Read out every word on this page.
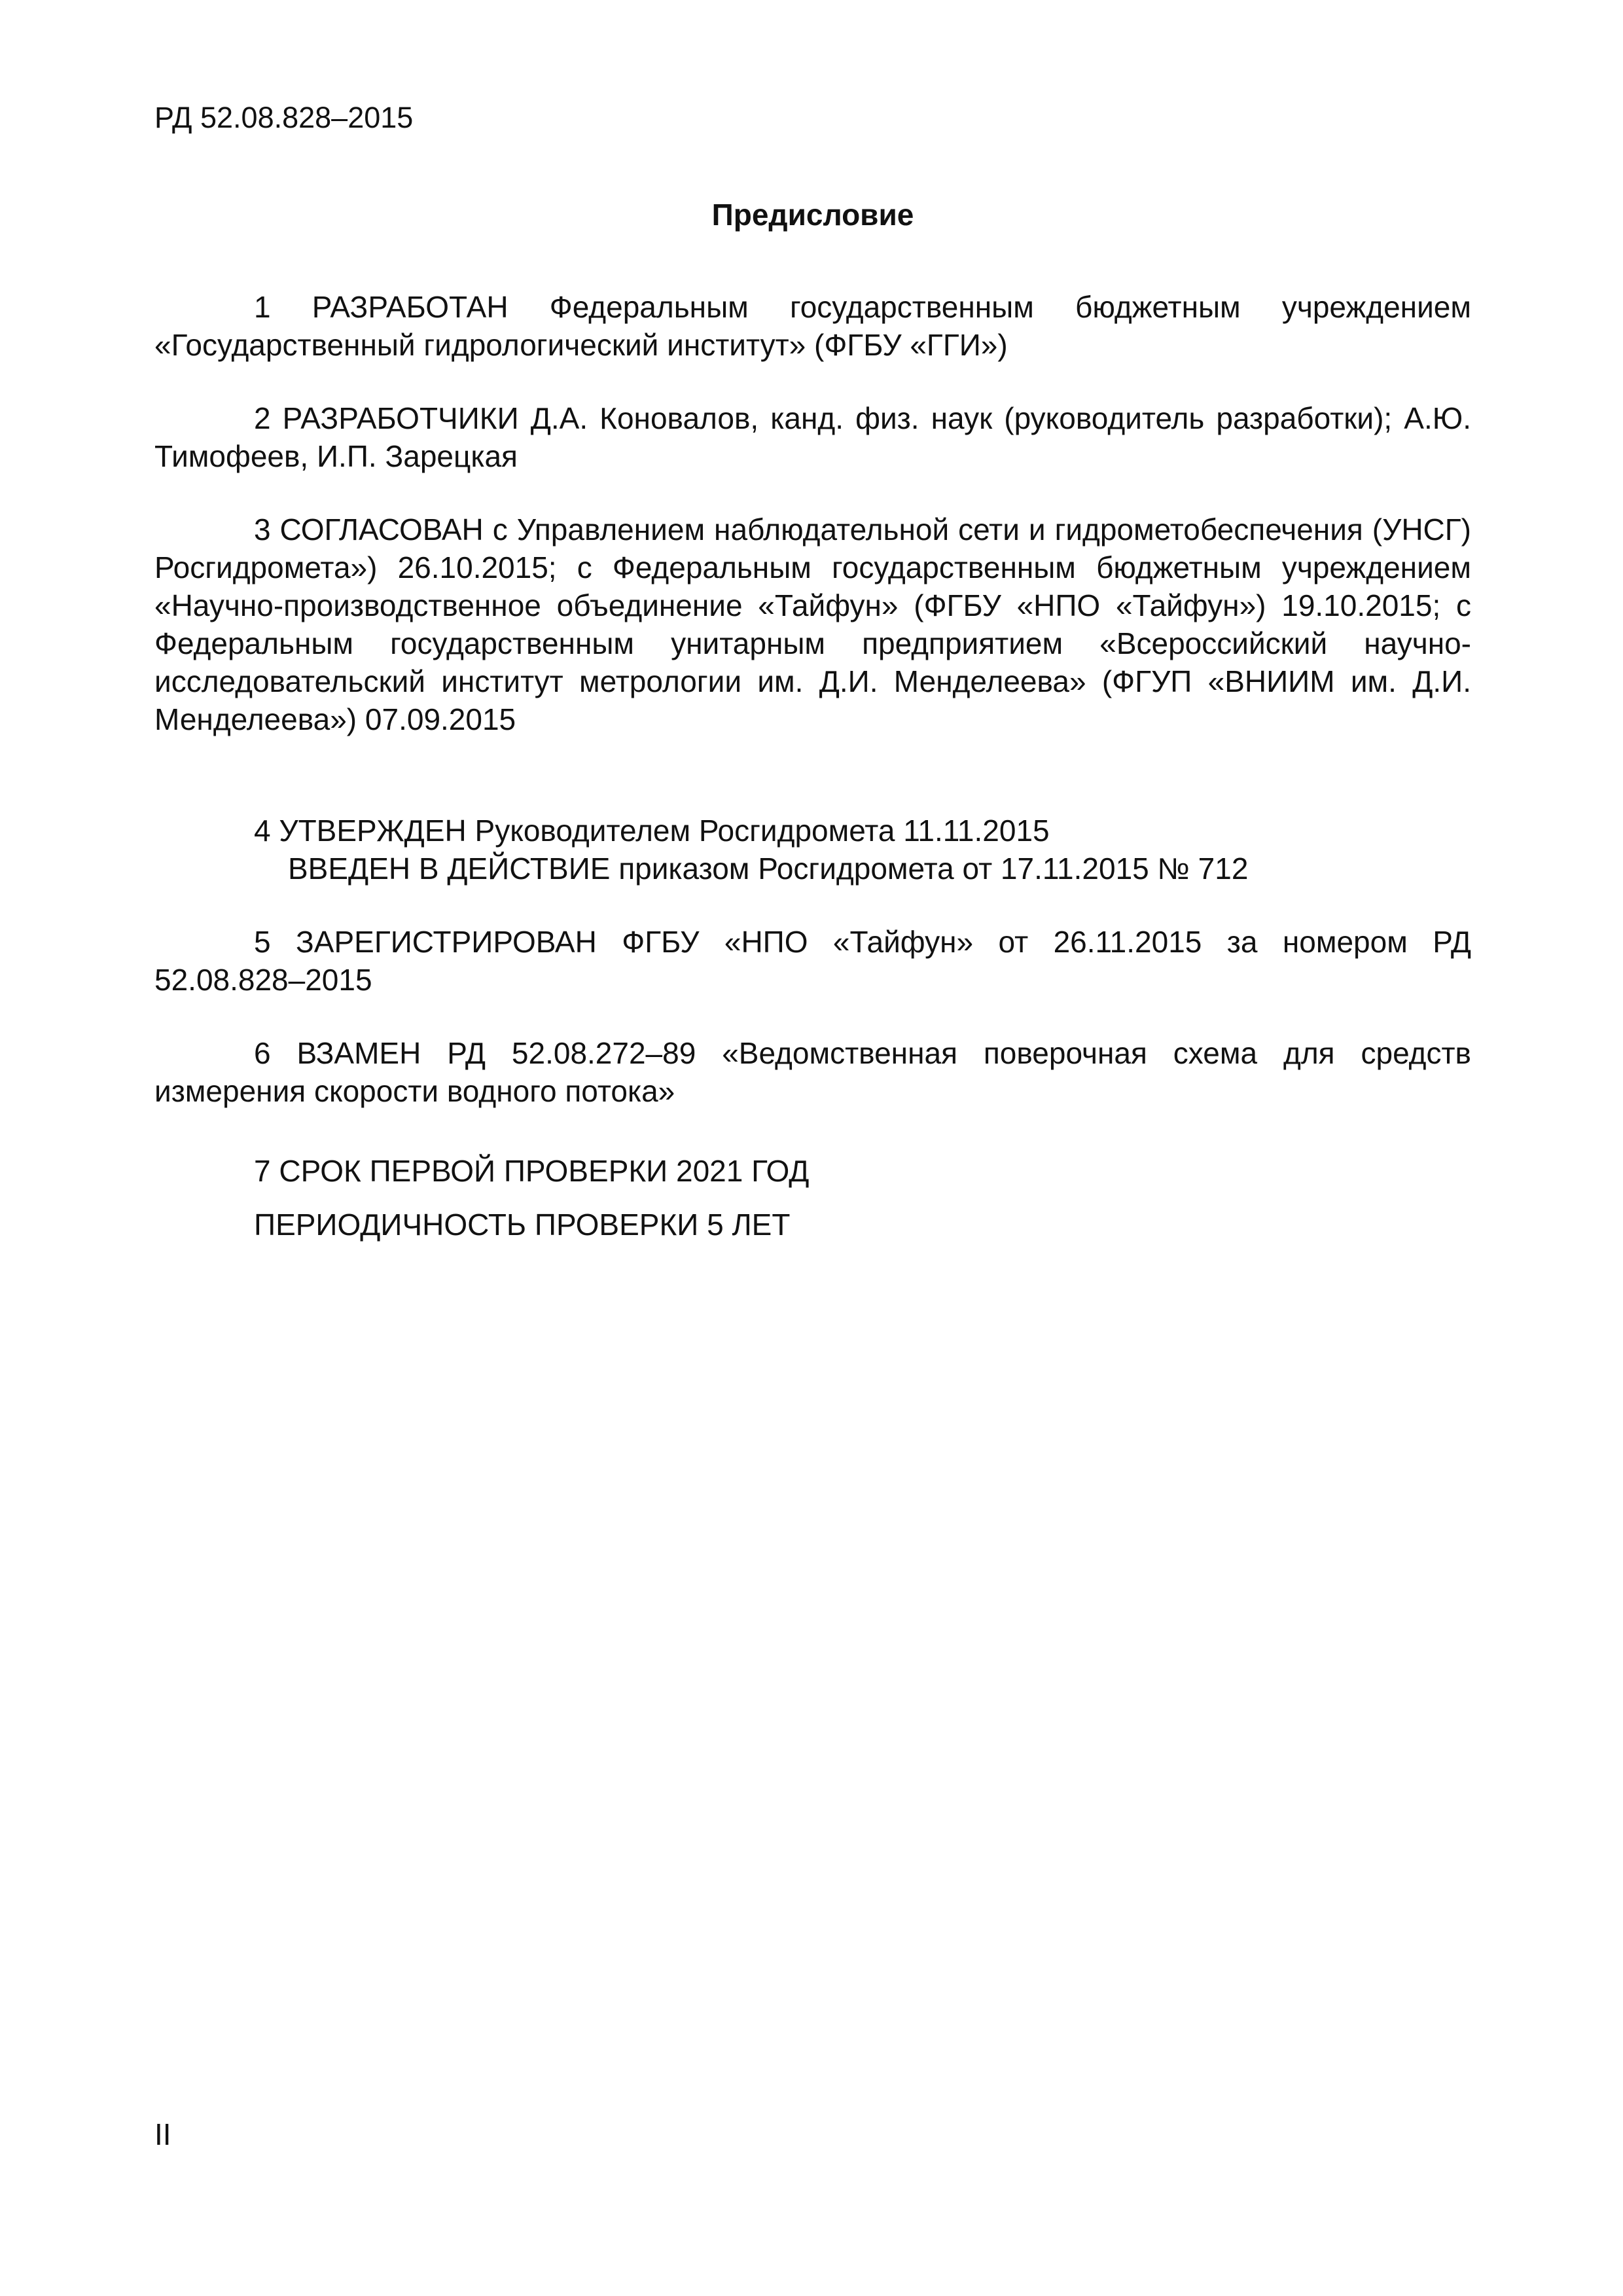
РД 52.08.828–2015
Предисловие

1 РАЗРАБОТАН Федеральным государственным бюджетным учреждением «Государственный гидрологический институт» (ФГБУ «ГГИ»)

2 РАЗРАБОТЧИКИ Д.А. Коновалов, канд. физ. наук (руководитель разработки); А.Ю. Тимофеев, И.П. Зарецкая

3 СОГЛАСОВАН с Управлением наблюдательной сети и гидрометобеспечения (УНСГ) Росгидромета») 26.10.2015; с Федеральным государственным бюджетным учреждением «Научно-производственное объединение «Тайфун» (ФГБУ «НПО «Тайфун») 19.10.2015; с Федеральным государственным унитарным предприятием «Всероссийский научно-исследовательский институт метрологии им. Д.И. Менделеева» (ФГУП «ВНИИМ им. Д.И. Менделеева») 07.09.2015

4 УТВЕРЖДЕН Руководителем Росгидромета 11.11.2015

ВВЕДЕН В ДЕЙСТВИЕ приказом Росгидромета от 17.11.2015 № 712

5 ЗАРЕГИСТРИРОВАН ФГБУ «НПО «Тайфун» от 26.11.2015 за номером РД 52.08.828–2015

6 ВЗАМЕН РД 52.08.272–89 «Ведомственная поверочная схема для средств измерения скорости водного потока»

7 СРОК ПЕРВОЙ ПРОВЕРКИ 2021 ГОД

ПЕРИОДИЧНОСТЬ ПРОВЕРКИ 5 ЛЕТ

II
